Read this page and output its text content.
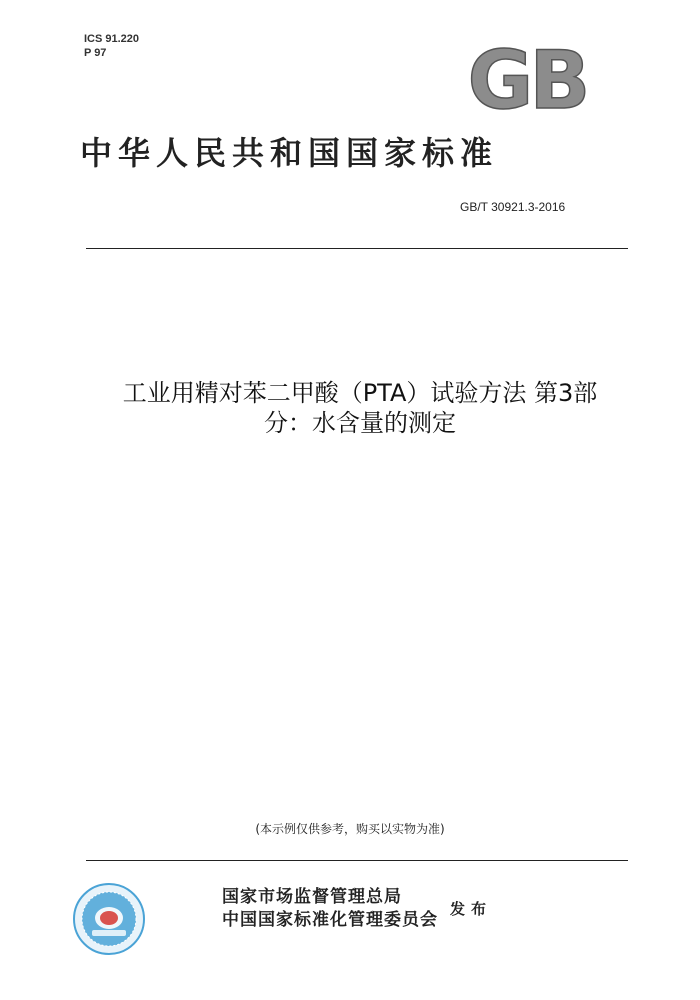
ICS 91.220
P 97	GB
中华人民共和国国家标准
GB/T 30921.3-2016
工业用精对苯二甲酸（PTA）试验方法 第3部
分：水含量的测定
(本示例仅供参考，购买以实物为准)
国家市场监督管理总局
中国国家标准化管理委员会
发布
